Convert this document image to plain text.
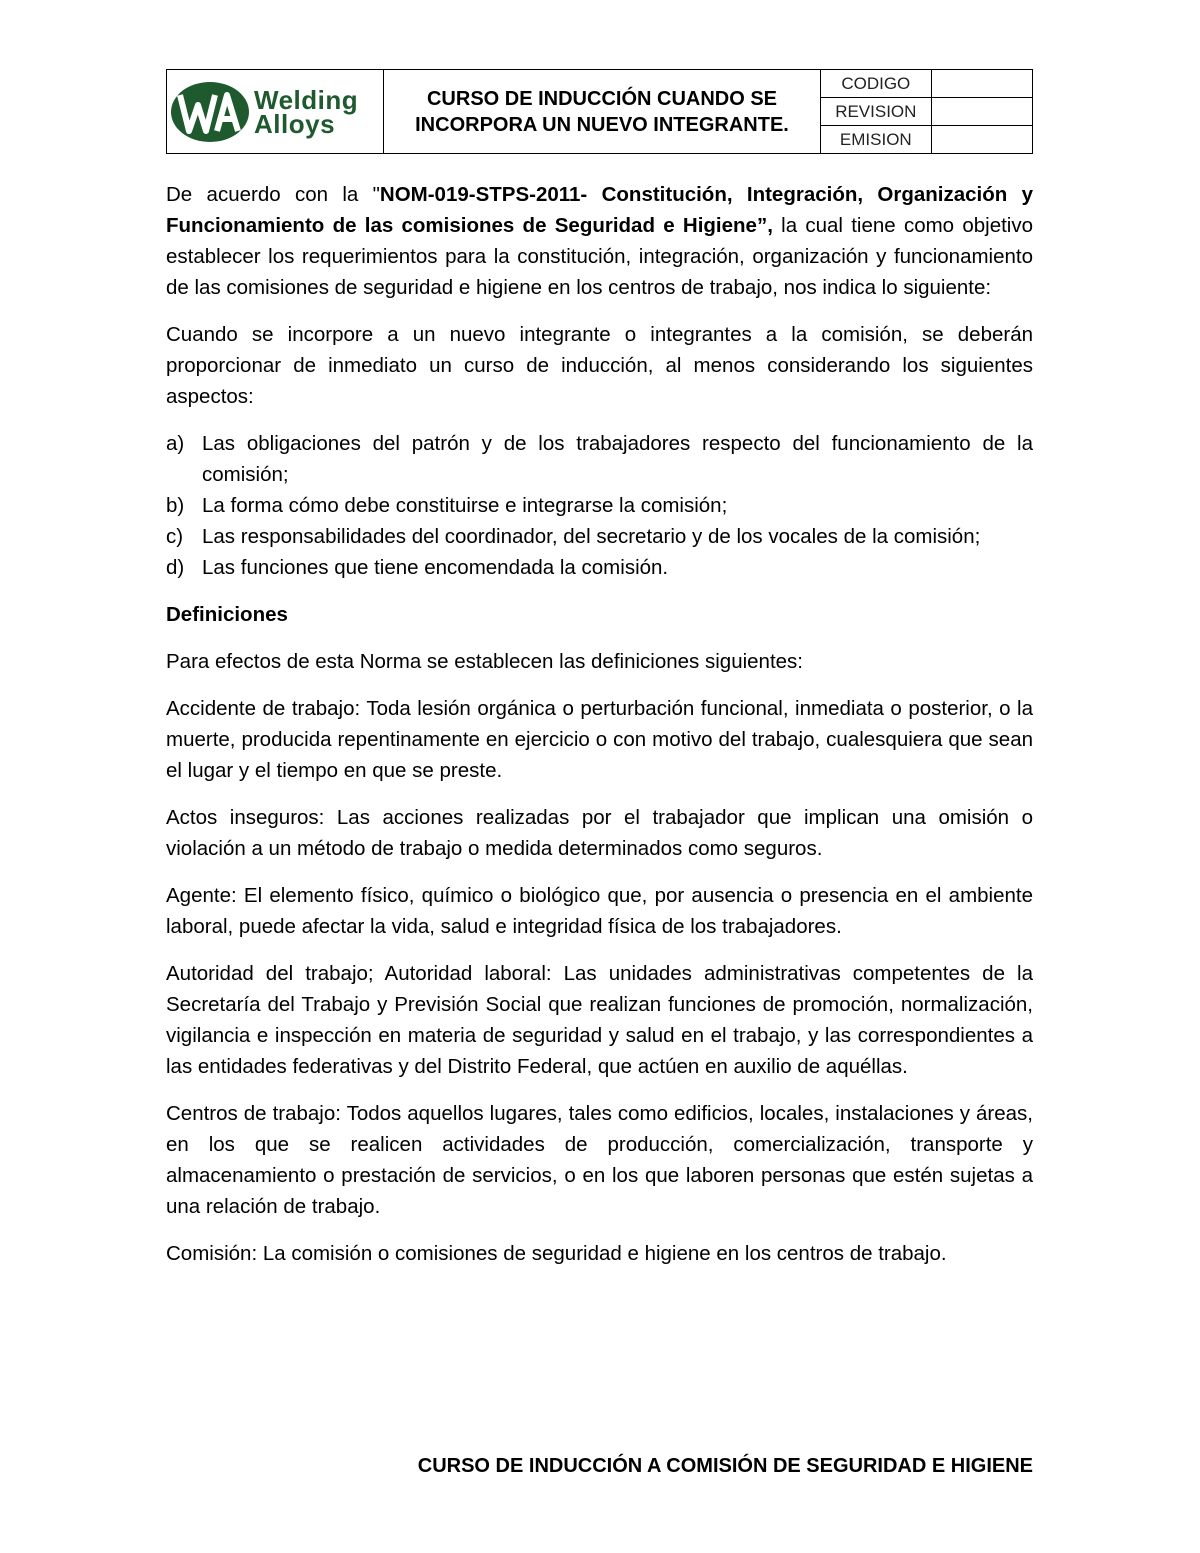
Welding
Alloys	CURSO DE INDUCCIÓN CUANDO SE INCORPORA UN NUEVO INTEGRANTE.	CODIGO	
		REVISION	
		EMISION	

De acuerdo con la "NOM-019-STPS-2011- Constitución, Integración, Organización y Funcionamiento de las comisiones de Seguridad e Higiene”, la cual tiene como objetivo establecer los requerimientos para la constitución, integración, organización y funcionamiento de las comisiones de seguridad e higiene en los centros de trabajo, nos indica lo siguiente:

Cuando se incorpore a un nuevo integrante o integrantes a la comisión, se deberán proporcionar de inmediato un curso de inducción, al menos considerando los siguientes aspectos:

a) Las obligaciones del patrón y de los trabajadores respecto del funcionamiento de la comisión;
b) La forma cómo debe constituirse e integrarse la comisión;
c) Las responsabilidades del coordinador, del secretario y de los vocales de la comisión;
d) Las funciones que tiene encomendada la comisión.

Definiciones

Para efectos de esta Norma se establecen las definiciones siguientes:

Accidente de trabajo: Toda lesión orgánica o perturbación funcional, inmediata o posterior, o la muerte, producida repentinamente en ejercicio o con motivo del trabajo, cualesquiera que sean el lugar y el tiempo en que se preste.

Actos inseguros: Las acciones realizadas por el trabajador que implican una omisión o violación a un método de trabajo o medida determinados como seguros.

Agente: El elemento físico, químico o biológico que, por ausencia o presencia en el ambiente laboral, puede afectar la vida, salud e integridad física de los trabajadores.

Autoridad del trabajo; Autoridad laboral: Las unidades administrativas competentes de la Secretaría del Trabajo y Previsión Social que realizan funciones de promoción, normalización, vigilancia e inspección en materia de seguridad y salud en el trabajo, y las correspondientes a las entidades federativas y del Distrito Federal, que actúen en auxilio de aquéllas.

Centros de trabajo: Todos aquellos lugares, tales como edificios, locales, instalaciones y áreas, en los que se realicen actividades de producción, comercialización, transporte y almacenamiento o prestación de servicios, o en los que laboren personas que estén sujetas a una relación de trabajo.

Comisión: La comisión o comisiones de seguridad e higiene en los centros de trabajo.

CURSO DE INDUCCIÓN A COMISIÓN DE SEGURIDAD E HIGIENE
